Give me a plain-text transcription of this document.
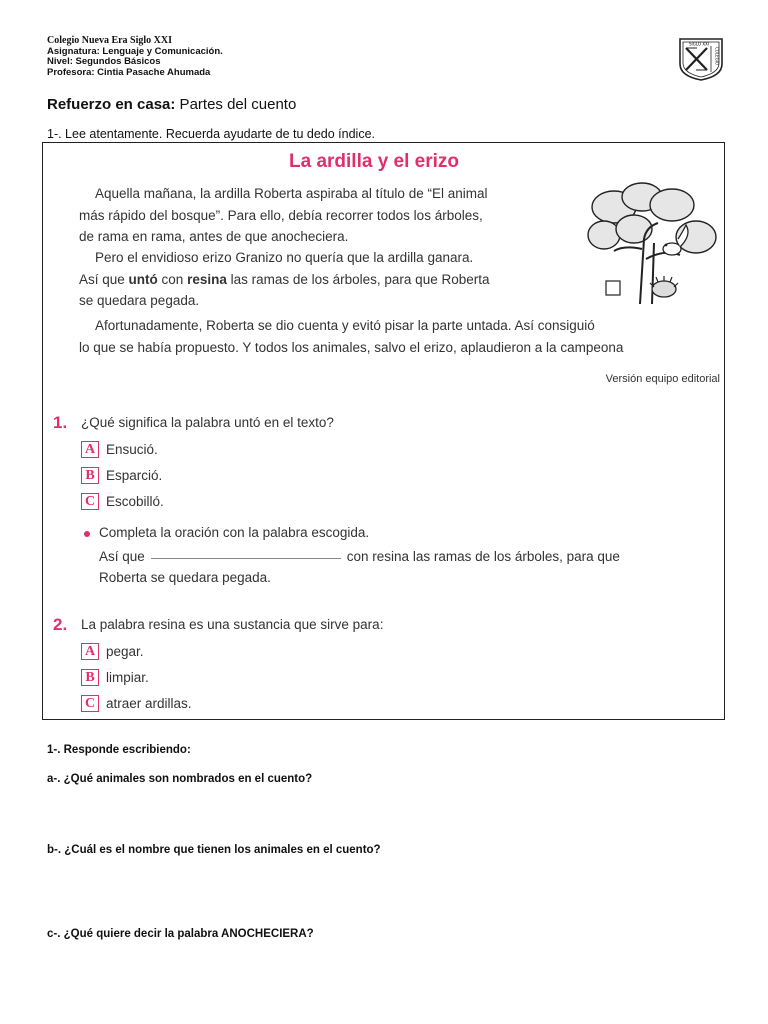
Colegio Nueva Era Siglo XXI
Asignatura: Lenguaje y Comunicación.
Nivel: Segundos Básicos
Profesora: Cintia Pasache Ahumada
SIGLO XXI
COLEGIO
Refuerzo en casa: Partes del cuento
1-. Lee atentamente. Recuerda ayudarte de tu dedo índice.
La ardilla y el erizo
Aquella mañana, la ardilla Roberta aspiraba al título de “El animal
más rápido del bosque”. Para ello, debía recorrer todos los árboles,
de rama en rama, antes de que anocheciera.
Pero el envidioso erizo Granizo no quería que la ardilla ganara.
Así que untó con resina las ramas de los árboles, para que Roberta
se quedara pegada.
Afortunadamente, Roberta se dio cuenta y evitó pisar la parte untada. Así consiguió
lo que se había propuesto. Y todos los animales, salvo el erizo, aplaudieron a la campeona
Versión equipo editorial
1. ¿Qué significa la palabra untó en el texto?
A Ensució.
B Esparció.
C Escobilló.
Completa la oración con la palabra escogida.
Así que	con resina las ramas de los árboles, para que
Roberta se quedara pegada.
2. La palabra resina es una sustancia que sirve para:
A pegar.
B limpiar.
C atraer ardillas.
1-. Responde escribiendo:
a-. ¿Qué animales son nombrados en el cuento?
b-. ¿Cuál es el nombre que tienen los animales en el cuento?
c-. ¿Qué quiere decir la palabra ANOCHECIERA?
